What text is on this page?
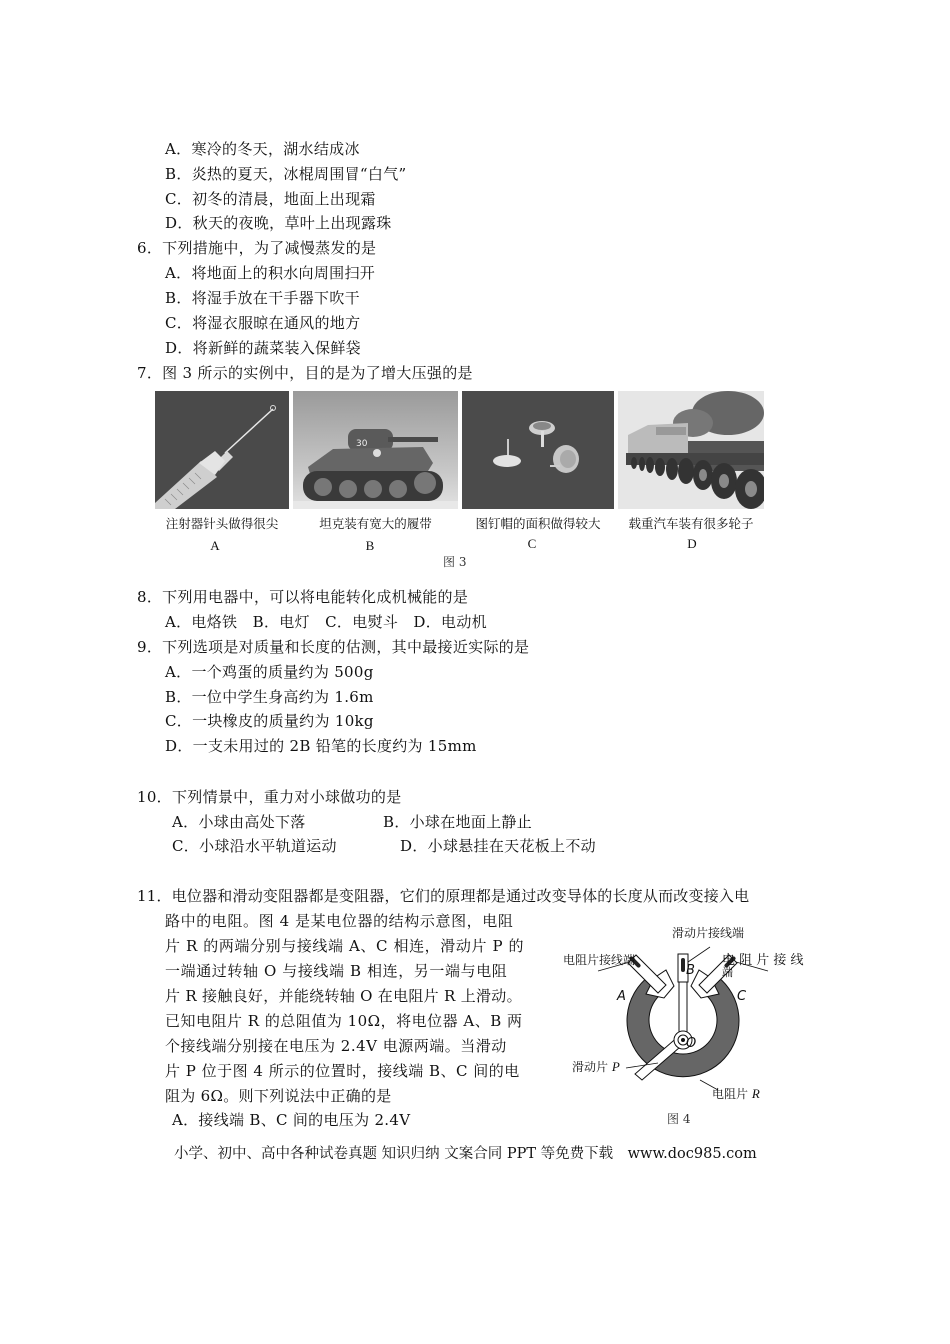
A．寒冷的冬天，湖水结成冰
B．炎热的夏天，冰棍周围冒“白气”
C．初冬的清晨，地面上出现霜
D．秋天的夜晚，草叶上出现露珠
6．下列措施中，为了减慢蒸发的是
A．将地面上的积水向周围扫开
B．将湿手放在干手器下吹干
C．将湿衣服晾在通风的地方
D．将新鲜的蔬菜装入保鲜袋
7．图 3 所示的实例中，目的是为了增大压强的是
30
注射器针头做得很尖	坦克装有宽大的履带	图钉帽的面积做得较大	载重汽车装有很多轮子
A	B	C	D
图 3
8．下列用电器中，可以将电能转化成机械能的是
A．电烙铁　B．电灯　C．电熨斗　D．电动机
9．下列选项是对质量和长度的估测，其中最接近实际的是
A．一个鸡蛋的质量约为 500g
B．一位中学生身高约为 1.6m
C．一块橡皮的质量约为 10kg
D．一支未用过的 2B 铅笔的长度约为 15mm
10．下列情景中，重力对小球做功的是
A．小球由高处下落	B．小球在地面上静止
C．小球沿水平轨道运动	D．小球悬挂在天花板上不动
11．电位器和滑动变阻器都是变阻器，它们的原理都是通过改变导体的长度从而改变接入电
路中的电阻。图 4 是某电位器的结构示意图，电阻
片 R 的两端分别与接线端 A、C 相连，滑动片 P 的
一端通过转轴 O 与接线端 B 相连，另一端与电阻
片 R 接触良好，并能绕转轴 O 在电阻片 R 上滑动。
已知电阻片 R 的总阻值为 10Ω，将电位器 A、B 两
个接线端分别接在电压为 2.4V 电源两端。当滑动
片 P 位于图 4 所示的位置时，接线端 B、C 间的电
阻为 6Ω。则下列说法中正确的是
A．接线端 B、C 间的电压为 2.4V
滑动片接线端
电阻片接线端	电 阻 片 接 线
端
B
A	C
O
滑动片 P
电阻片 R
图 4
小学、初中、高中各种试卷真题 知识归纳 文案合同 PPT 等免费下载　www.doc985.com
